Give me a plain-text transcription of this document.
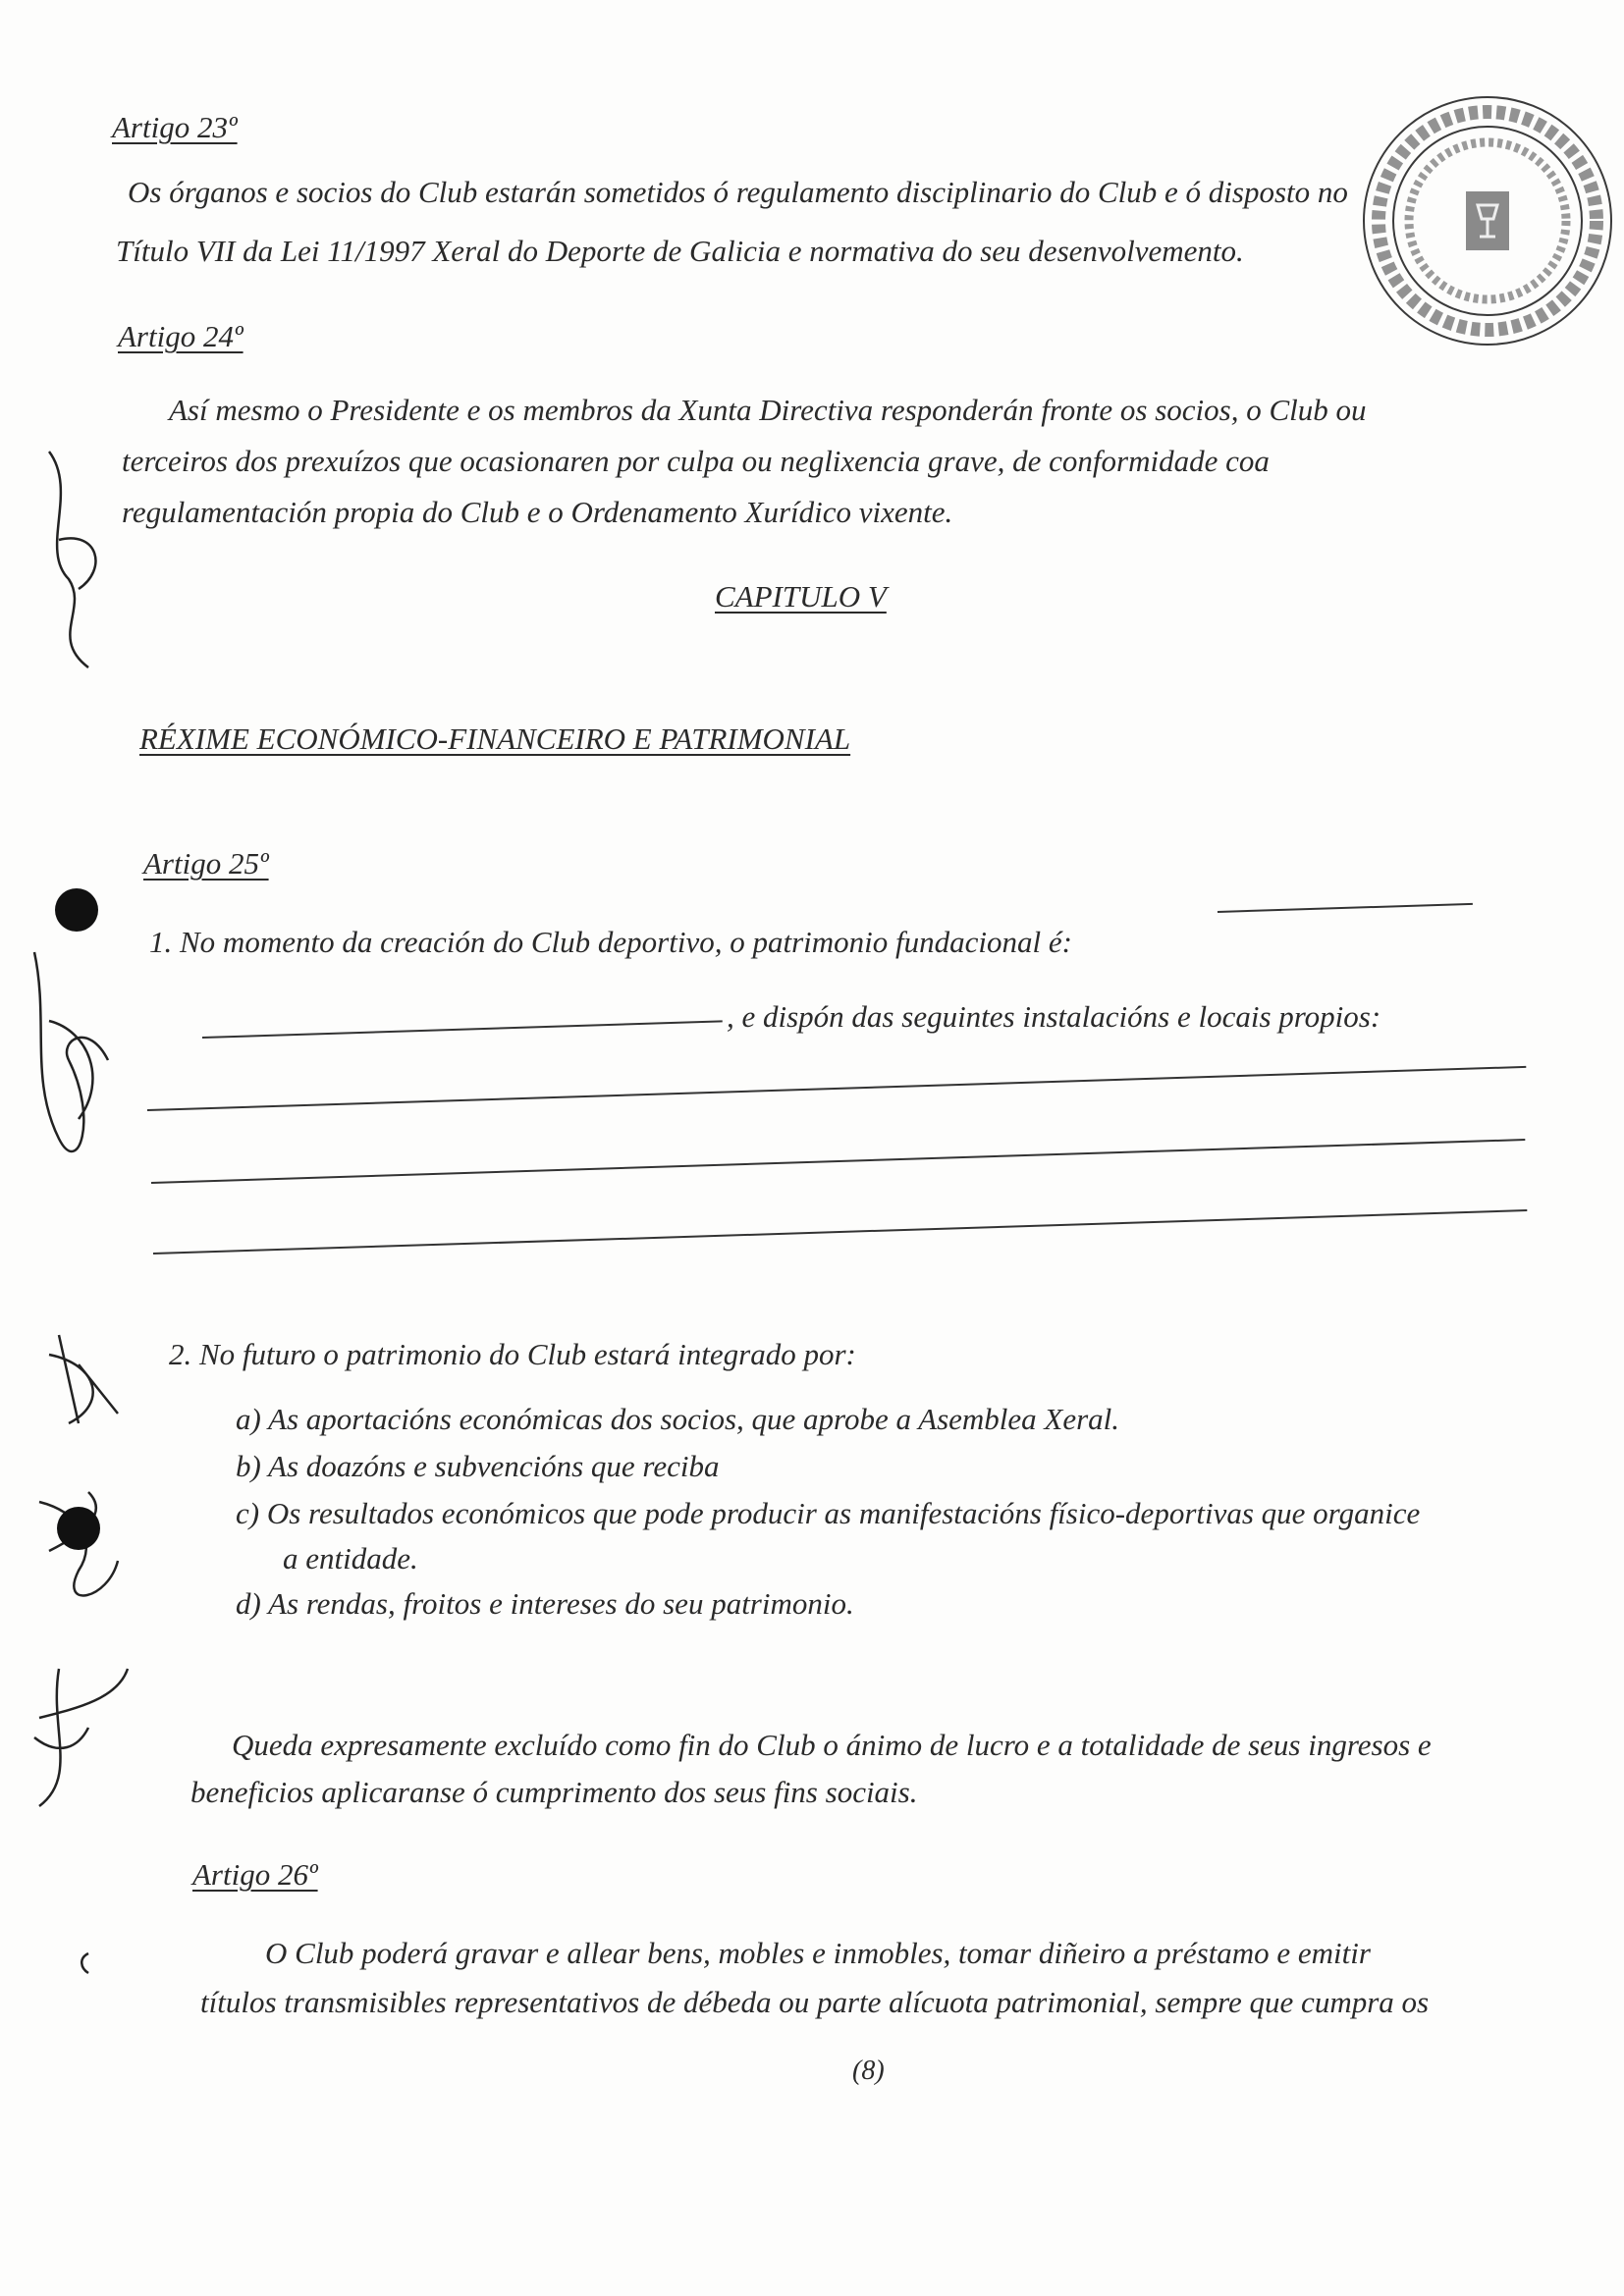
Artigo 23º
Os órganos e socios do Club estarán sometidos ó regulamento disciplinario do Club e ó disposto no
Título VII da Lei 11/1997 Xeral do Deporte de Galicia e normativa do seu desenvolvemento.
Artigo 24º
Así mesmo o Presidente e os membros da Xunta Directiva responderán fronte os socios, o Club ou
terceiros dos prexuízos que ocasionaren por culpa ou neglixencia grave, de conformidade coa
regulamentación propia do Club e o Ordenamento Xurídico vixente.
CAPITULO V
RÉXIME ECONÓMICO-FINANCEIRO E PATRIMONIAL
Artigo 25º
1. No momento da creación do Club deportivo, o patrimonio fundacional é:
, e dispón das seguintes instalacións e locais propios:
2. No futuro o patrimonio do Club estará integrado por:
a) As aportacións económicas dos socios, que aprobe a Asemblea Xeral.
b) As doazóns e subvencións que reciba
c) Os resultados económicos que pode producir as manifestacións físico-deportivas que organice
a entidade.
d) As rendas, froitos e intereses do seu patrimonio.
Queda expresamente excluído como fin do Club o ánimo de lucro e a totalidade de seus ingresos e
beneficios aplicaranse ó cumprimento dos seus fins sociais.
Artigo 26º
O Club poderá gravar e allear bens, mobles e inmobles, tomar diñeiro a préstamo e emitir
títulos transmisibles representativos de débeda ou parte alícuota patrimonial, sempre que cumpra os
(8)
